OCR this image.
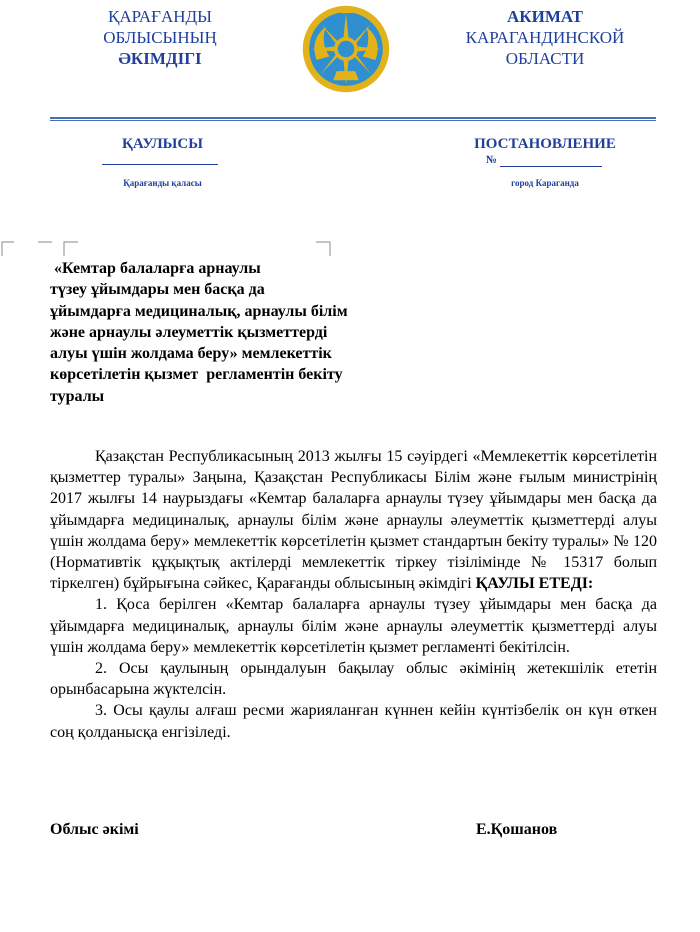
ҚАРАҒАНДЫ
ОБЛЫСЫНЫҢ
ӘКІМДІГІ
АКИМАТ
КАРАГАНДИНСКОЙ
ОБЛАСТИ
ҚАУЛЫСЫ	ПОСТАНОВЛЕНИЕ
№
Қарағанды қаласы	город Караганда
«Кемтар балаларға арнаулы
түзеу ұйымдары мен басқа да
ұйымдарға медициналық, арнаулы білім
және арнаулы әлеуметтік қызметтерді
алуы үшін жолдама беру» мемлекеттік
көрсетілетін қызмет  регламентін бекіту
туралы

Қазақстан Республикасының 2013 жылғы 15 сәуірдегі «Мемлекеттік көрсетілетін қызметтер туралы» Заңына, Қазақстан Республикасы Білім және ғылым министрінің 2017 жылғы 14 наурыздағы «Кемтар балаларға арнаулы түзеу ұйымдары мен басқа да ұйымдарға медициналық, арнаулы білім және арнаулы әлеуметтік қызметтерді алуы үшін жолдама беру» мемлекеттік көрсетілетін қызмет стандартын бекіту туралы» № 120 (Нормативтік құқықтық актілерді мемлекеттік тіркеу тізілімінде № 15317 болып тіркелген) бұйрығына сәйкес, Қарағанды облысының әкімдігі ҚАУЛЫ ЕТЕДІ:

1. Қоса берілген «Кемтар балаларға арнаулы түзеу ұйымдары мен басқа да ұйымдарға медициналық, арнаулы білім және арнаулы әлеуметтік қызметтерді алуы үшін жолдама беру» мемлекеттік көрсетілетін қызмет регламенті бекітілсін.

2. Осы қаулының орындалуын бақылау облыс әкімінің жетекшілік ететін орынбасарына жүктелсін.

3. Осы қаулы алғаш ресми жарияланған күннен кейін күнтізбелік он күн өткен соң қолданысқа енгізіледі.

Облыс әкімі	Е.Қошанов
